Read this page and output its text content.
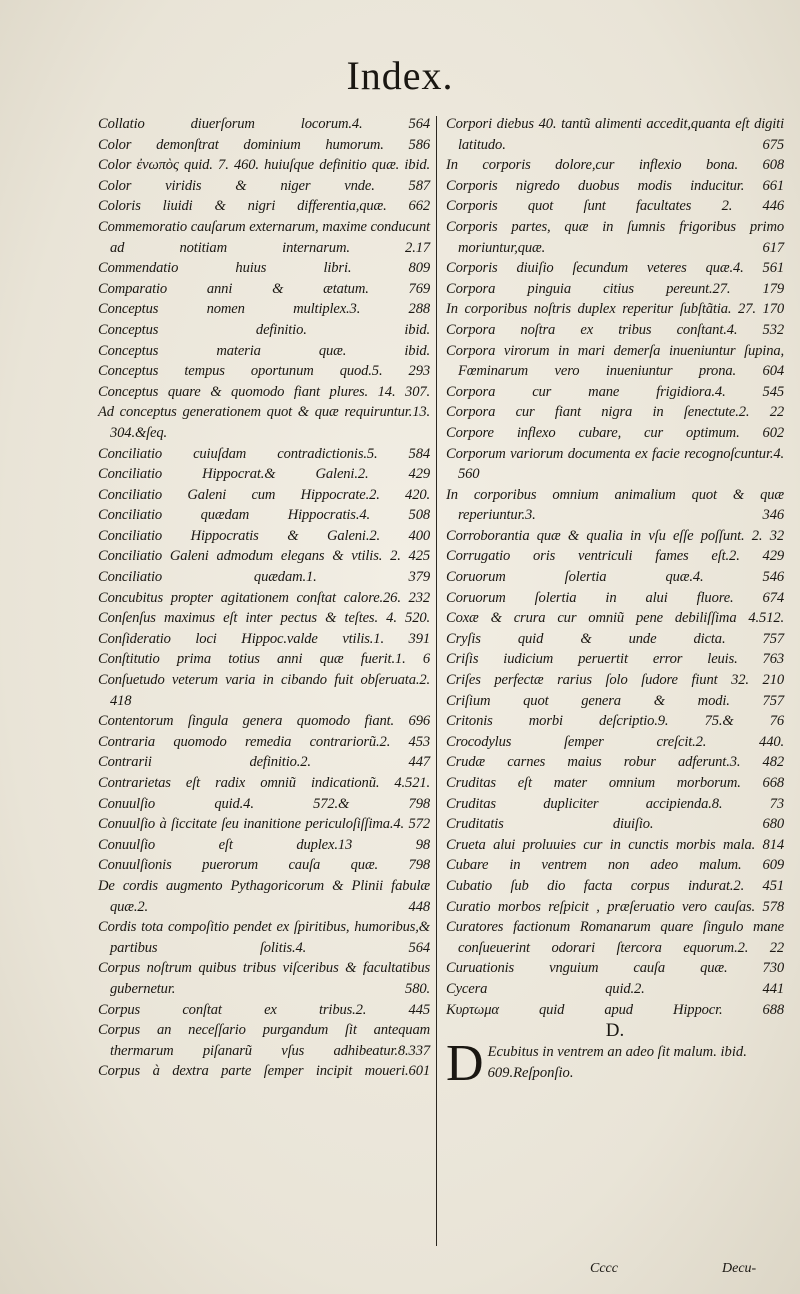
Index.
Collatio diuerſorum locorum.4. 564
Color demonſtrat dominium humorum. 586
Color ἐνωπὸς quid. 7. 460. huiuſque definitio quæ. ibid.
Color viridis & niger vnde. 587
Coloris liuidi & nigri differentia,quæ. 662
Commemoratio cauſarum externarum, maxime conducunt ad notitiam internarum. 2.17
Commendatio huius libri. 809
Comparatio anni & ætatum. 769
Conceptus nomen multiplex.3. 288
Conceptus definitio. ibid.
Conceptus materia quæ. ibid.
Conceptus tempus oportunum quod.5. 293
Conceptus quare & quomodo fiant plures. 14. 307.
Ad conceptus generationem quot & quæ requiruntur.13. 304.&ſeq.
Conciliatio cuiuſdam contradictionis.5. 584
Conciliatio Hippocrat.& Galeni.2. 429
Conciliatio Galeni cum Hippocrate.2. 420.
Conciliatio quædam Hippocratis.4. 508
Conciliatio Hippocratis & Galeni.2. 400
Conciliatio Galeni admodum elegans & vtilis. 2. 425
Conciliatio quædam.1. 379
Concubitus propter agitationem conſtat calore.26. 232
Conſenſus maximus eſt inter pectus & teſtes. 4. 520.
Conſideratio loci Hippoc.valde vtilis.1. 391
Conſtitutio prima totius anni quæ fuerit.1. 6
Conſuetudo veterum varia in cibando fuit obſeruata.2. 418
Contentorum ſingula genera quomodo fiant. 696
Contraria quomodo remedia contrariorũ.2. 453
Contrarii definitio.2. 447
Contrarietas eſt radix omniũ indicationũ. 4.521.
Conuulſio quid.4. 572.& 798
Conuulſio à ſiccitate ſeu inanitione periculoſiſſima.4. 572
Conuulſio eſt duplex.13 98
Conuulſionis puerorum cauſa quæ. 798
De cordis augmento Pythagoricorum & Plinii fabulæ quæ.2. 448
Cordis tota compoſitio pendet ex ſpiritibus, humoribus,& partibus ſolitis.4. 564
Corpus noſtrum quibus tribus viſceribus & facultatibus gubernetur. 580.
Corpus conſtat ex tribus.2. 445
Corpus an neceſſario purgandum ſit antequam thermarum piſanarũ vſus adhibeatur.8.337
Corpus à dextra parte ſemper incipit moueri.601
Corpori diebus 40. tantũ alimenti accedit,quanta eſt digiti latitudo. 675
In corporis dolore,cur inflexio bona. 608
Corporis nigredo duobus modis inducitur. 661
Corporis quot ſunt facultates 2. 446
Corporis partes, quæ in ſumnis frigoribus primo moriuntur,quæ. 617
Corporis diuiſio ſecundum veteres quæ.4. 561
Corpora pinguia citius pereunt.27. 179
In corporibus noſtris duplex reperitur ſubſtãtia. 27. 170
Corpora noſtra ex tribus conſtant.4. 532
Corpora virorum in mari demerſa inueniuntur ſupina, Fœminarum vero inueniuntur prona. 604
Corpora cur mane frigidiora.4. 545
Corpora cur fiant nigra in ſenectute.2. 22
Corpore inflexo cubare, cur optimum. 602
Corporum variorum documenta ex facie recognoſcuntur.4. 560
In corporibus omnium animalium quot & quæ reperiuntur.3. 346
Corroborantia quæ & qualia in vſu eſſe poſſunt. 2. 32
Corrugatio oris ventriculi fames eſt.2. 429
Coruorum ſolertia quæ.4. 546
Coruorum ſolertia in alui fluore. 674
Coxæ & crura cur omniũ pene debiliſſima 4.512.
Cryſis quid & unde dicta. 757
Criſis iudicium peruertit error leuis. 763
Criſes perfectæ rarius ſolo ſudore fiunt 32. 210
Criſium quot genera & modi. 757
Critonis morbi deſcriptio.9. 75.& 76
Crocodylus ſemper creſcit.2. 440.
Crudæ carnes maius robur adferunt.3. 482
Cruditas eſt mater omnium morborum. 668
Cruditas dupliciter accipienda.8. 73
Cruditatis diuiſio. 680
Crueta alui proluuies cur in cunctis morbis mala. 814
Cubare in ventrem non adeo malum. 609
Cubatio ſub dio facta corpus indurat.2. 451
Curatio morbos reſpicit , præſeruatio vero cauſas. 578
Curatores factionum Romanarum quare ſingulo mane conſueuerint odorari ſtercora equorum.2. 22
Curuationis vnguium cauſa quæ. 730
Cycera quid.2. 441
Κυρτωμα quid apud Hippocr. 688
D.
D Ecubitus in ventrem an adeo ſit malum. ibid. 609.Reſponſio.
Cccc	Decu-
